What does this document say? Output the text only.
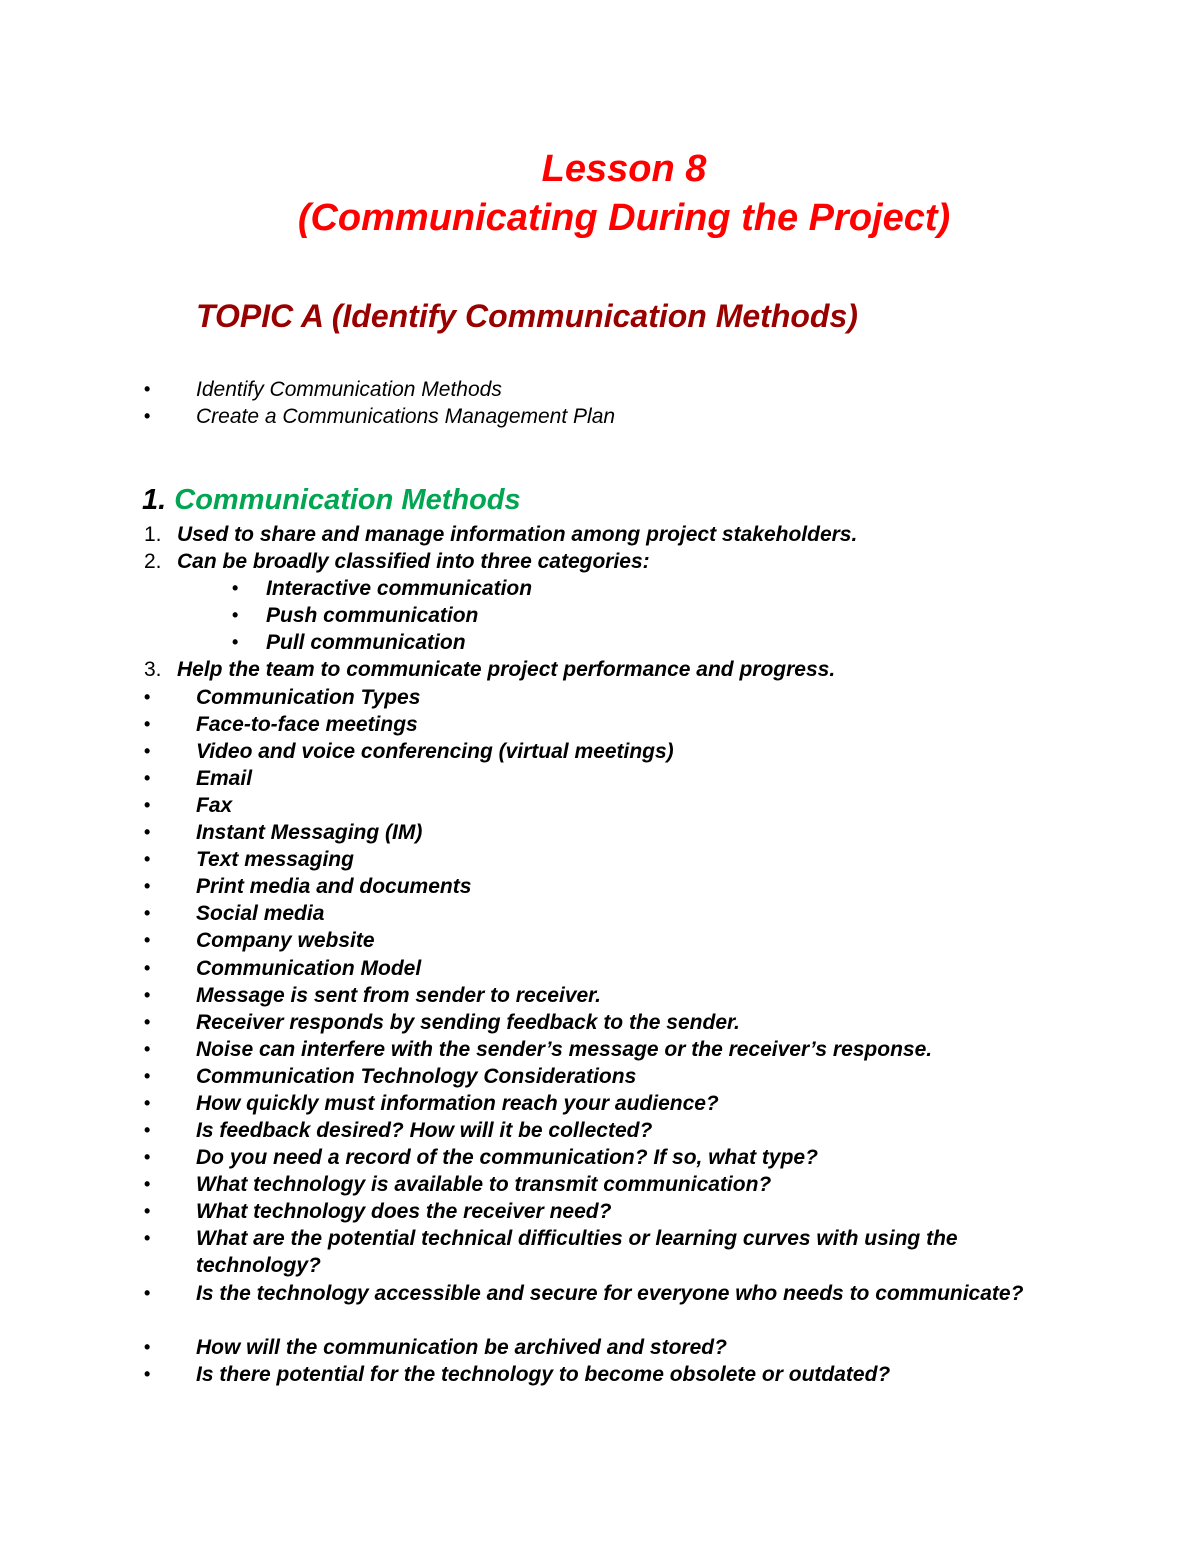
Lesson 8
(Communicating During the Project)
TOPIC A (Identify Communication Methods)
• Identify Communication Methods
• Create a Communications Management Plan
1. Communication Methods
1. Used to share and manage information among project stakeholders.
2. Can be broadly classified into three categories:
• Interactive communication
• Push communication
• Pull communication
3. Help the team to communicate project performance and progress.
• Communication Types
• Face-to-face meetings
• Video and voice conferencing (virtual meetings)
• Email
• Fax
• Instant Messaging (IM)
• Text messaging
• Print media and documents
• Social media
• Company website
• Communication Model
• Message is sent from sender to receiver.
• Receiver responds by sending feedback to the sender.
• Noise can interfere with the sender’s message or the receiver’s response.
• Communication Technology Considerations
• How quickly must information reach your audience?
• Is feedback desired? How will it be collected?
• Do you need a record of the communication? If so, what type?
• What technology is available to transmit communication?
• What technology does the receiver need?
• What are the potential technical difficulties or learning curves with using the technology?
• Is the technology accessible and secure for everyone who needs to communicate?
• How will the communication be archived and stored?
• Is there potential for the technology to become obsolete or outdated?
